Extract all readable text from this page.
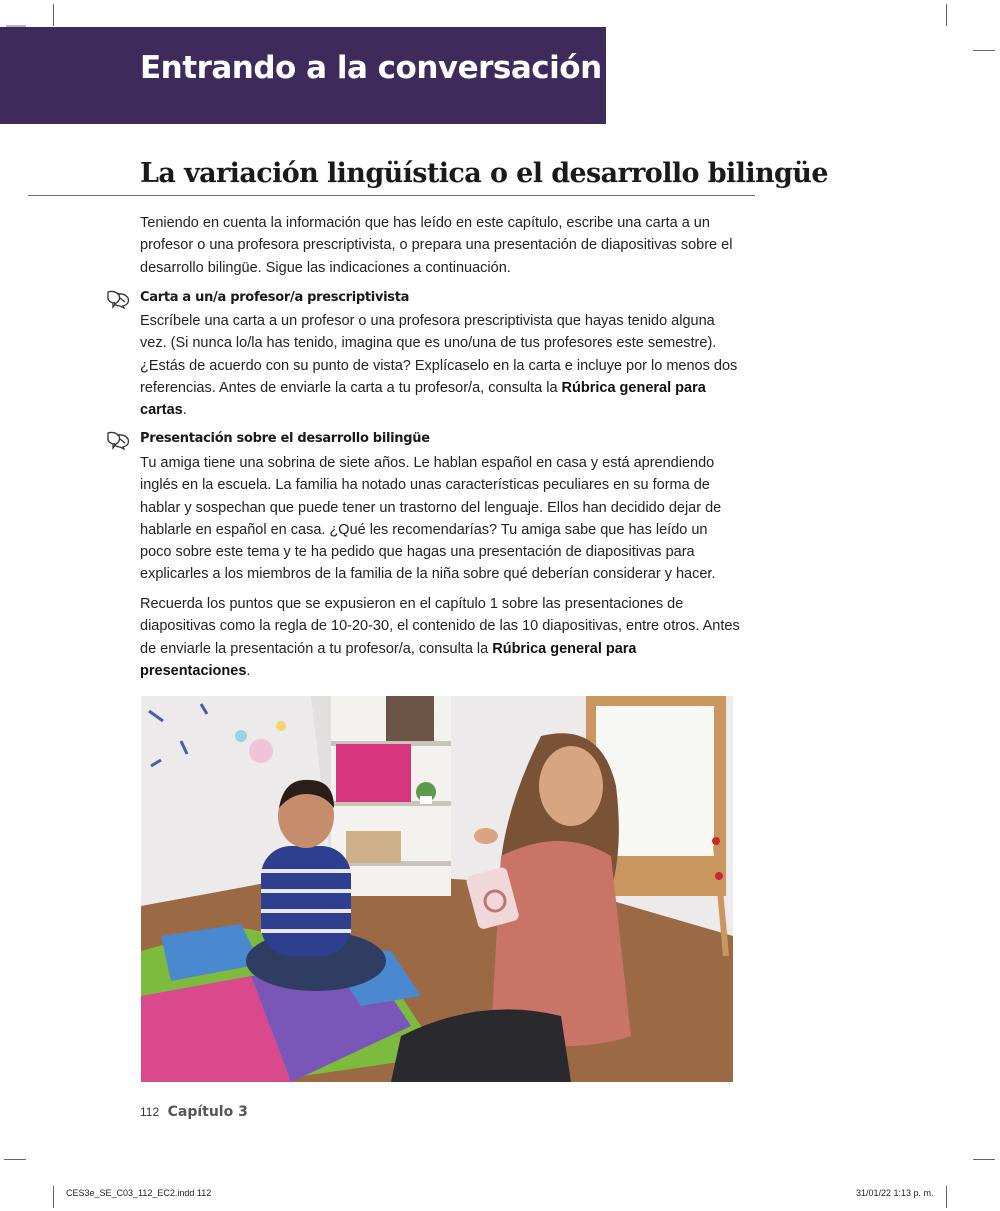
Entrando a la conversación 2
La variación lingüística o el desarrollo bilingüe

Teniendo en cuenta la información que has leído en este capítulo, escribe una carta a un profesor o una profesora prescriptivista, o prepara una presentación de diapositivas sobre el desarrollo bilingüe. Sigue las indicaciones a continuación.

Carta a un/a profesor/a prescriptivista

Escríbele una carta a un profesor o una profesora prescriptivista que hayas tenido alguna vez. (Si nunca lo/la has tenido, imagina que es uno/una de tus profesores este semestre). ¿Estás de acuerdo con su punto de vista? Explícaselo en la carta e incluye por lo menos dos referencias. Antes de enviarle la carta a tu profesor/a, consulta la Rúbrica general para cartas.

Presentación sobre el desarrollo bilingüe

Tu amiga tiene una sobrina de siete años. Le hablan español en casa y está aprendiendo inglés en la escuela. La familia ha notado unas características peculiares en su forma de hablar y sospechan que puede tener un trastorno del lenguaje. Ellos han decidido dejar de hablarle en español en casa. ¿Qué les recomendarías? Tu amiga sabe que has leído un poco sobre este tema y te ha pedido que hagas una presentación de diapositivas para explicarles a los miembros de la familia de la niña sobre qué deberían considerar y hacer.

Recuerda los puntos que se expusieron en el capítulo 1 sobre las presentaciones de diapositivas como la regla de 10-20-30, el contenido de las 10 diapositivas, entre otros. Antes de enviarle la presentación a tu profesor/a, consulta la Rúbrica general para presentaciones.

112 Capítulo 3
CES3e_SE_C03_112_EC2.indd 112	31/01/22 1:13 p. m.
